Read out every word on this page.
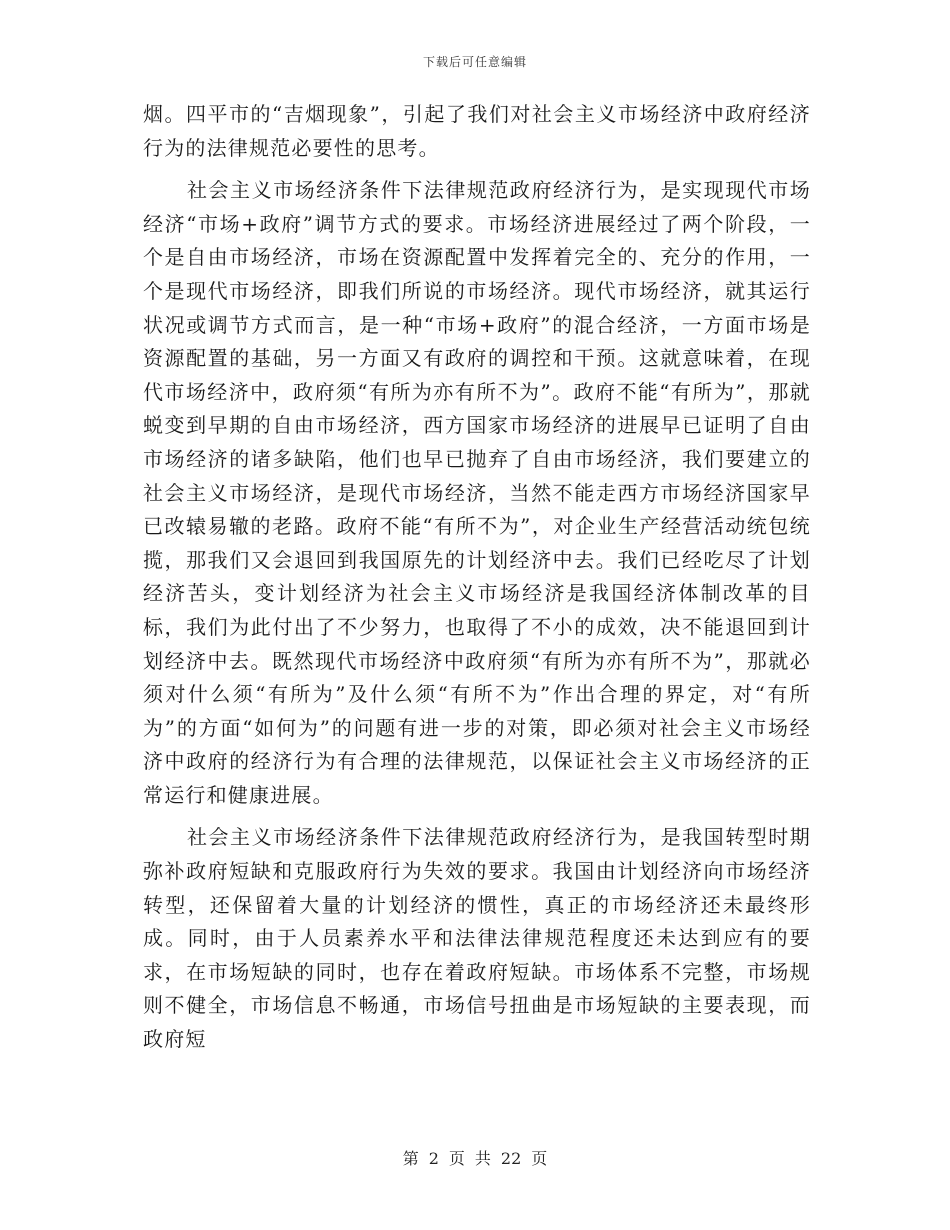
下载后可任意编辑

烟。四平市的“吉烟现象”，引起了我们对社会主义市场经济中政府经济行为的法律规范必要性的思考。

社会主义市场经济条件下法律规范政府经济行为，是实现现代市场经济“市场+政府”调节方式的要求。市场经济进展经过了两个阶段，一个是自由市场经济，市场在资源配置中发挥着完全的、充分的作用，一个是现代市场经济，即我们所说的市场经济。现代市场经济，就其运行状况或调节方式而言，是一种“市场+政府”的混合经济，一方面市场是资源配置的基础，另一方面又有政府的调控和干预。这就意味着，在现代市场经济中，政府须“有所为亦有所不为”。政府不能“有所为”，那就蜕变到早期的自由市场经济，西方国家市场经济的进展早已证明了自由市场经济的诸多缺陷，他们也早已抛弃了自由市场经济，我们要建立的社会主义市场经济，是现代市场经济，当然不能走西方市场经济国家早已改辕易辙的老路。政府不能“有所不为”，对企业生产经营活动统包统揽，那我们又会退回到我国原先的计划经济中去。我们已经吃尽了计划经济苦头，变计划经济为社会主义市场经济是我国经济体制改革的目标，我们为此付出了不少努力，也取得了不小的成效，决不能退回到计划经济中去。既然现代市场经济中政府须“有所为亦有所不为”，那就必须对什么须“有所为”及什么须“有所不为”作出合理的界定，对“有所为”的方面“如何为”的问题有进一步的对策，即必须对社会主义市场经济中政府的经济行为有合理的法律规范，以保证社会主义市场经济的正常运行和健康进展。

社会主义市场经济条件下法律规范政府经济行为，是我国转型时期弥补政府短缺和克服政府行为失效的要求。我国由计划经济向市场经济转型，还保留着大量的计划经济的惯性，真正的市场经济还未最终形成。同时，由于人员素养水平和法律法律规范程度还未达到应有的要求，在市场短缺的同时，也存在着政府短缺。市场体系不完整，市场规则不健全，市场信息不畅通，市场信号扭曲是市场短缺的主要表现，而政府短

第 2 页 共 22 页
